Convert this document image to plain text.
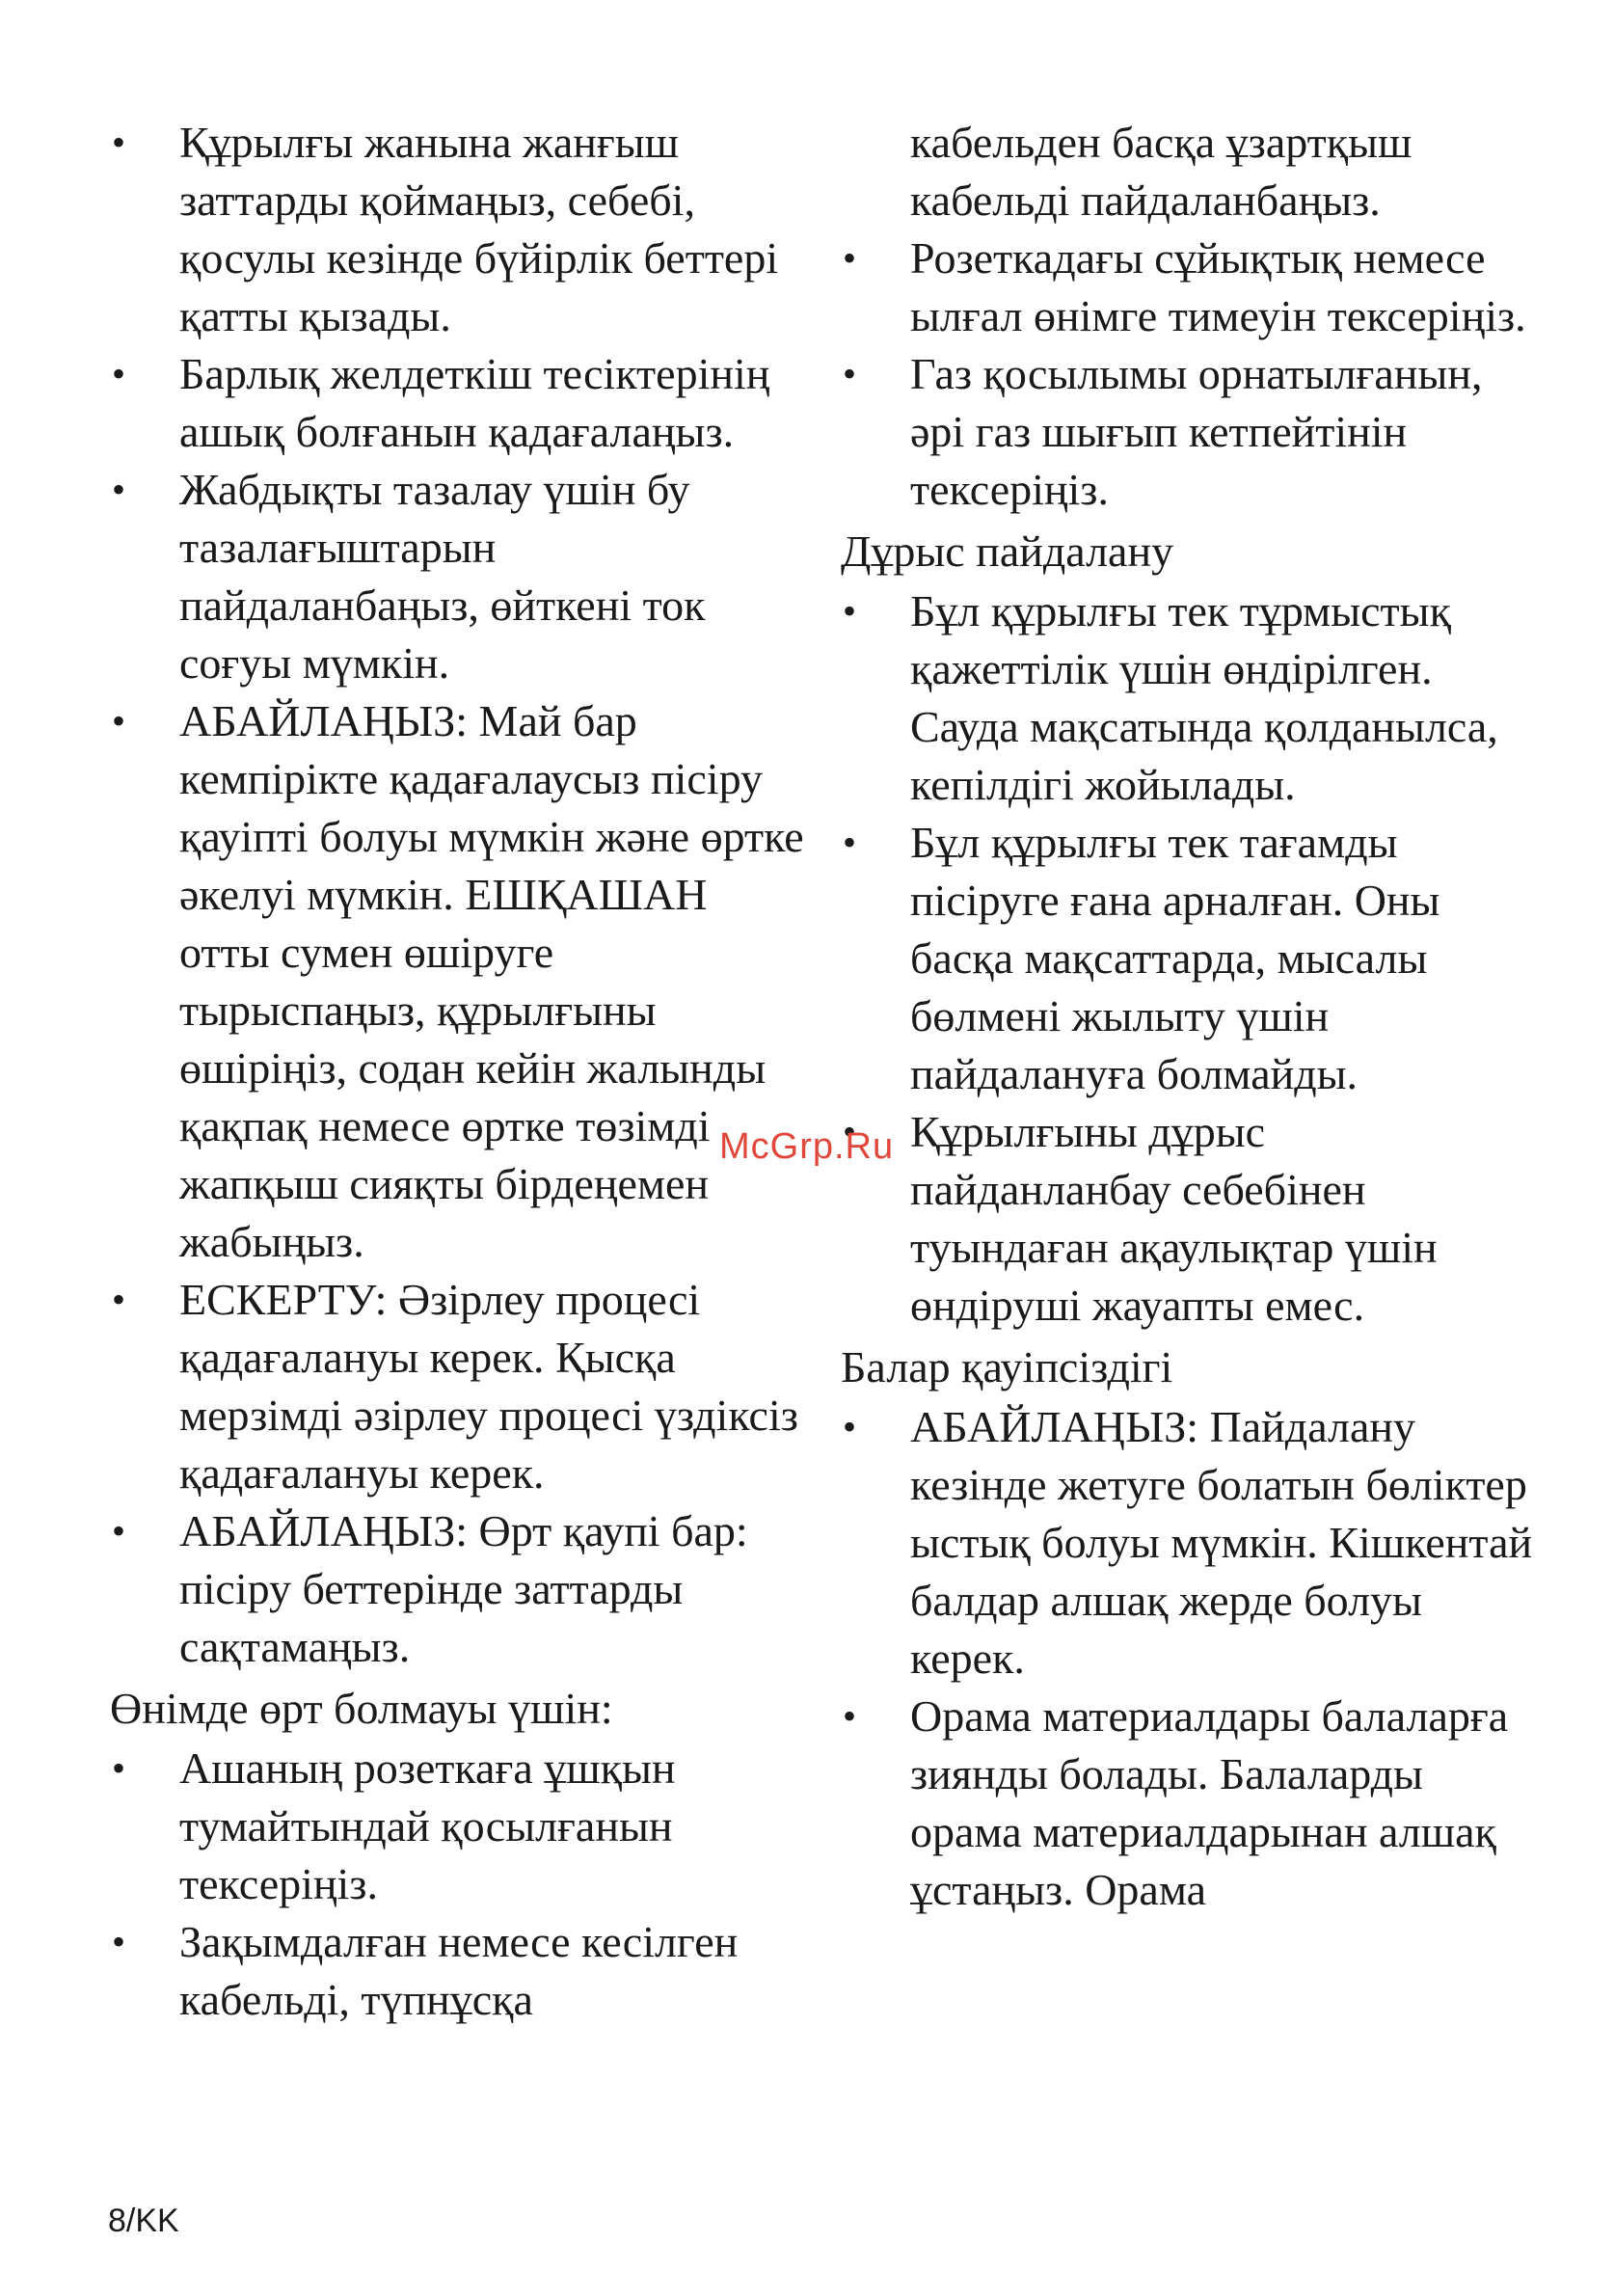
• Құрылғы жанына жанғыш заттарды қоймаңыз, себебі, қосулы кезінде бүйірлік беттері қатты қызады.
• Барлық желдеткіш тесіктерінің ашық болғанын қадағалаңыз.
• Жабдықты тазалау үшін бу тазалағыштарын пайдаланбаңыз, өйткені ток соғуы мүмкін.
• АБАЙЛАҢЫЗ: Май бар кемпірікте қадағалаусыз пісіру қауіпті болуы мүмкін және өртке әкелуі мүмкін. ЕШҚАШАН отты сумен өшіруге тырыспаңыз, құрылғыны өшіріңіз, содан кейін жалынды қақпақ немесе өртке төзімді жапқыш сияқты бірдеңемен жабыңыз.
• ЕСКЕРТУ: Әзірлеу процесі қадағалануы керек. Қысқа мерзімді әзірлеу процесі үздіксіз қадағалануы керек.
• АБАЙЛАҢЫЗ: Өрт қаупі бар: пісіру беттерінде заттарды сақтамаңыз.
Өнімде өрт болмауы үшін:
• Ашаның розеткаға ұшқын тумайтындай қосылғанын тексеріңіз.
• Зақымдалған немесе кесілген кабельді, түпнұсқа
кабельден басқа ұзартқыш кабельді пайдаланбаңыз.
• Розеткадағы сұйықтық немесе ылғал өнімге тимеуін тексеріңіз.
• Газ қосылымы орнатылғанын, әрі газ шығып кетпейтінін тексеріңіз.
Дұрыс пайдалану
• Бұл құрылғы тек тұрмыстық қажеттілік үшін өндірілген. Сауда мақсатында қолданылса, кепілдігі жойылады.
• Бұл құрылғы тек тағамды пісіруге ғана арналған. Оны басқа мақсаттарда, мысалы бөлмені жылыту үшін пайдалануға болмайды.
• Құрылғыны дұрыс пайданланбау себебінен туындаған ақаулықтар үшін өндіруші жауапты емес.
Балар қауіпсіздігі
• АБАЙЛАҢЫЗ: Пайдалану кезінде жетуге болатын бөліктер ыстық болуы мүмкін. Кішкентай балдар алшақ жерде болуы керек.
• Орама материалдары балаларға зиянды болады. Балаларды орама материалдарынан алшақ ұстаңыз. Орама
McGrp.Ru
8/KK
